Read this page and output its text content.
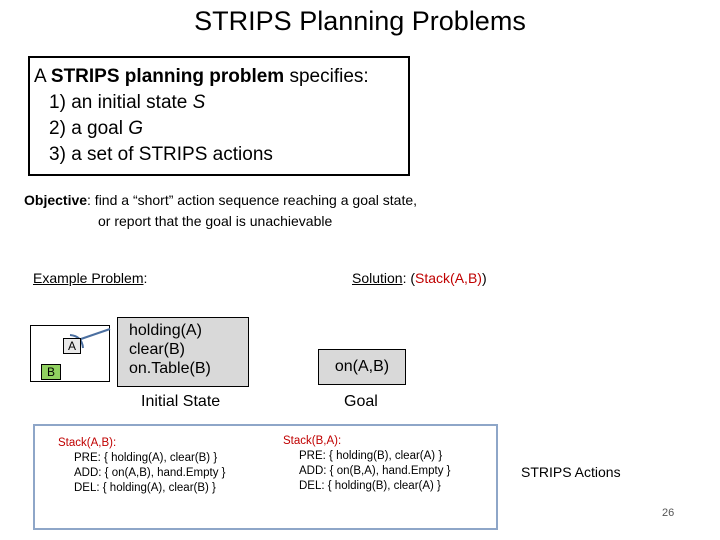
STRIPS Planning Problems
A STRIPS planning problem specifies:
1) an initial state S
2) a goal G
3) a set of STRIPS actions
Objective: find a “short” action sequence reaching a goal state,
or report that the goal is unachievable
Example Problem:	Solution: (Stack(A,B))
A
B
holding(A)
clear(B)
on.Table(B)
Initial State
on(A,B)
Goal
Stack(A,B):
PRE: { holding(A), clear(B) }
ADD: { on(A,B), hand.Empty }
DEL: { holding(A), clear(B) }
Stack(B,A):
PRE: { holding(B), clear(A) }
ADD: { on(B,A), hand.Empty }
DEL: { holding(B), clear(A) }
STRIPS Actions
26
